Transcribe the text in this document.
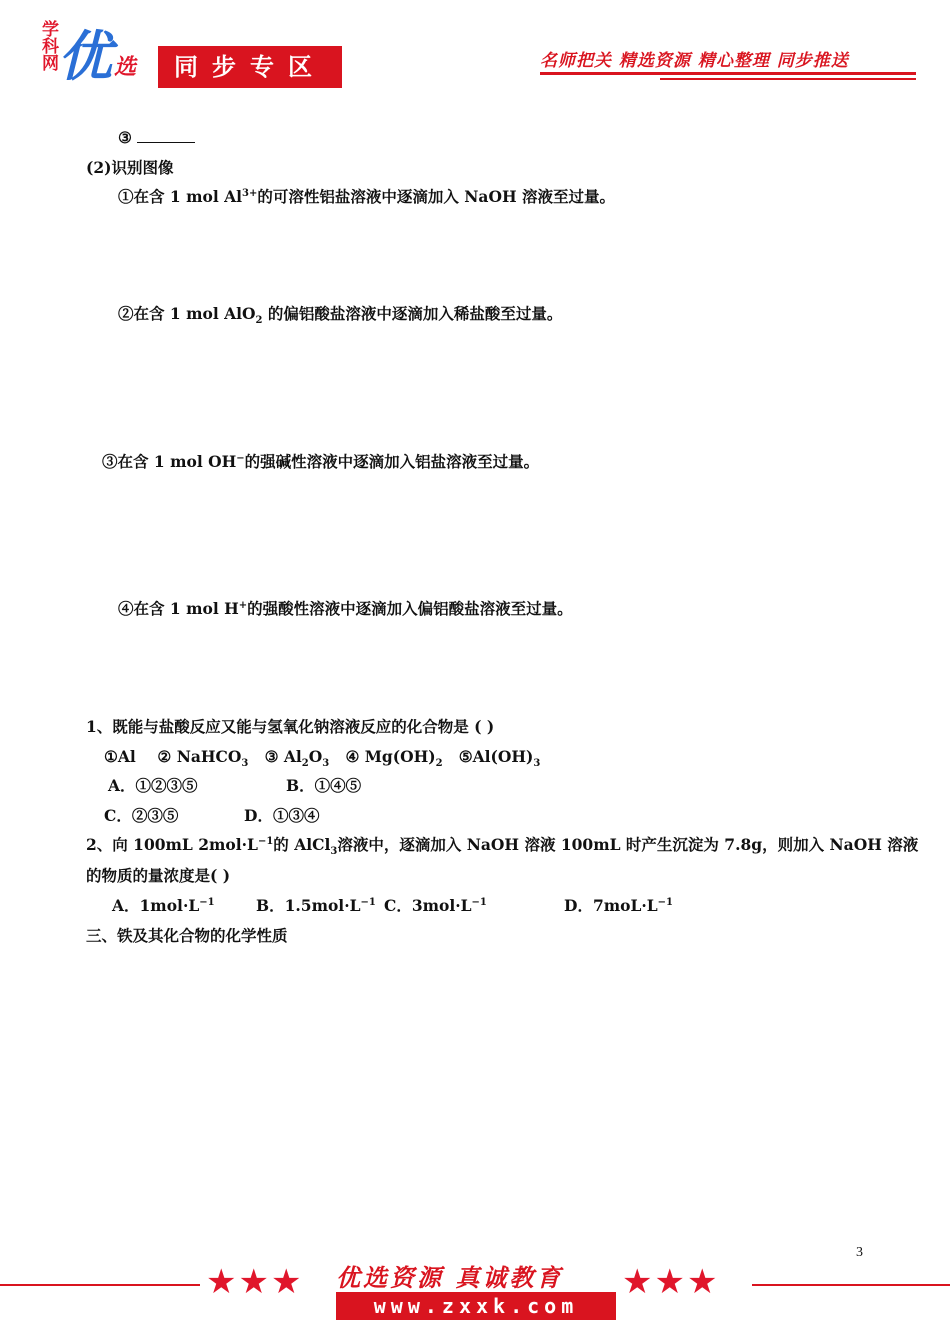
学科网 优 选	同步专区	名师把关 精选资源 精心整理 同步推送
③
(2)识别图像
①在含 1 mol $Al^{3+}$的可溶性铝盐溶液中逐滴加入 NaOH 溶液至过量。
②在含 1 mol AlO$_2$ 的偏铝酸盐溶液中逐滴加入稀盐酸至过量。
③在含 1 mol OH−的强碱性溶液中逐滴加入铝盐溶液至过量。
④在含 1 mol H+的强酸性溶液中逐滴加入偏铝酸盐溶液至过量。
1、既能与盐酸反应又能与氢氧化钠溶液反应的化合物是 ( )
①Al ② NaHCO$_3$ ③ $Al_2O_3$ ④ $Mg(OH)_2$ $⑤Al(OH)_3$
A．①②③⑤	B．①④⑤
C．②③⑤	D．①③④
2、向 100mL $2mol\cdot L^{-1}$的 AlCl$_3$溶液中，逐滴加入 NaOH 溶液 100mL 时产生沉淀为 7.8g，则加入 NaOH 溶液
的物质的量浓度是( )
A．$1mol\cdot L^{-1}$	B．$1.5mol\cdot L^{-1}$ C．$3mol\cdot L^{-1}$	D．$7moL\cdot L^{-1}$
三、铁及其化合物的化学性质
3
★★★	★★★
优选资源 真诚教育
www.zxxk.com
